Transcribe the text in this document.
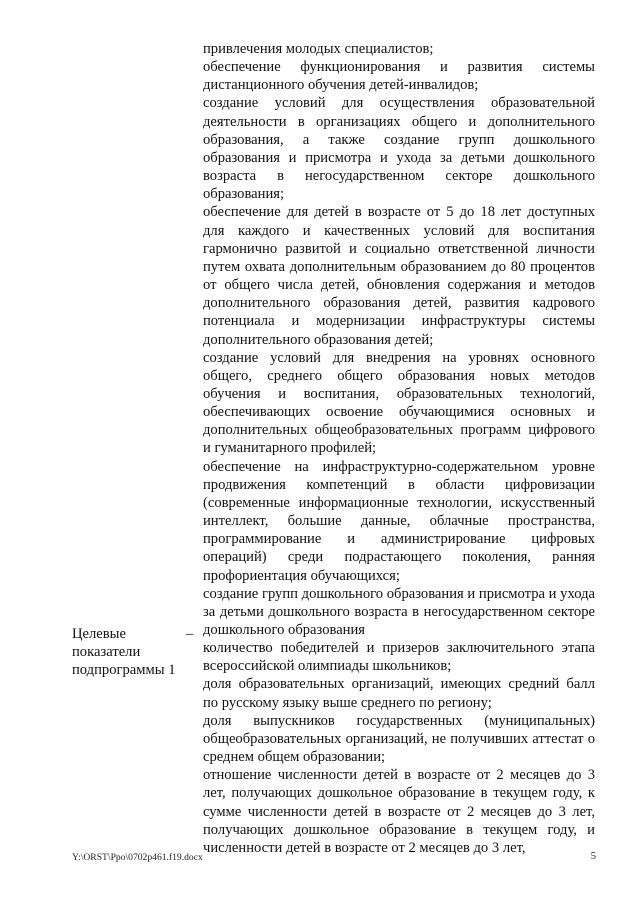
привлечения молодых специалистов;

обеспечение функционирования и развития системы дистанционного обучения детей-инвалидов;

создание условий для осуществления образовательной деятельности в организациях общего и дополнительного образования, а также создание групп дошкольного образования и присмотра и ухода за детьми дошкольного возраста в негосударственном секторе дошкольного образования;

обеспечение для детей в возрасте от 5 до 18 лет доступных для каждого и качественных условий для воспитания гармонично развитой и социально ответственной личности путем охвата дополнительным образованием до 80 процентов от общего числа детей, обновления содержания и методов дополнительного образования детей, развития кадрового потенциала и модернизации инфраструктуры системы дополнительного образования детей;

создание условий для внедрения на уровнях основного общего, среднего общего образования новых методов обучения и воспитания, образовательных технологий, обеспечивающих освоение обучающимися основных и дополнительных общеобразовательных программ цифрового и гуманитарного профилей;

обеспечение на инфраструктурно-содержательном уровне продвижения компетенций в области цифровизации (современные информационные технологии, искусственный интеллект, большие данные, облачные пространства, программирование и администрирование цифровых операций) среди подрастающего поколения, ранняя профориентация обучающихся;

создание групп дошкольного образования и присмотра и ухода за детьми дошкольного возраста в негосударственном секторе дошкольного образования

количество победителей и призеров заключительного этапа всероссийской олимпиады школьников;

доля образовательных организаций, имеющих средний балл по русскому языку выше среднего по региону;

доля выпускников государственных (муниципальных) общеобразовательных организаций, не получивших аттестат о среднем общем образовании;

отношение численности детей в возрасте от 2 месяцев до 3 лет, получающих дошкольное образование в текущем году, к сумме численности детей в возрасте от 2 месяцев до 3 лет, получающих дошкольное образование в текущем году, и численности детей в возрасте от 2 месяцев до 3 лет,

Целевые показатели подпрограммы 1
–
Y:\ORST\Ppo\0702p461.f19.docx	5
